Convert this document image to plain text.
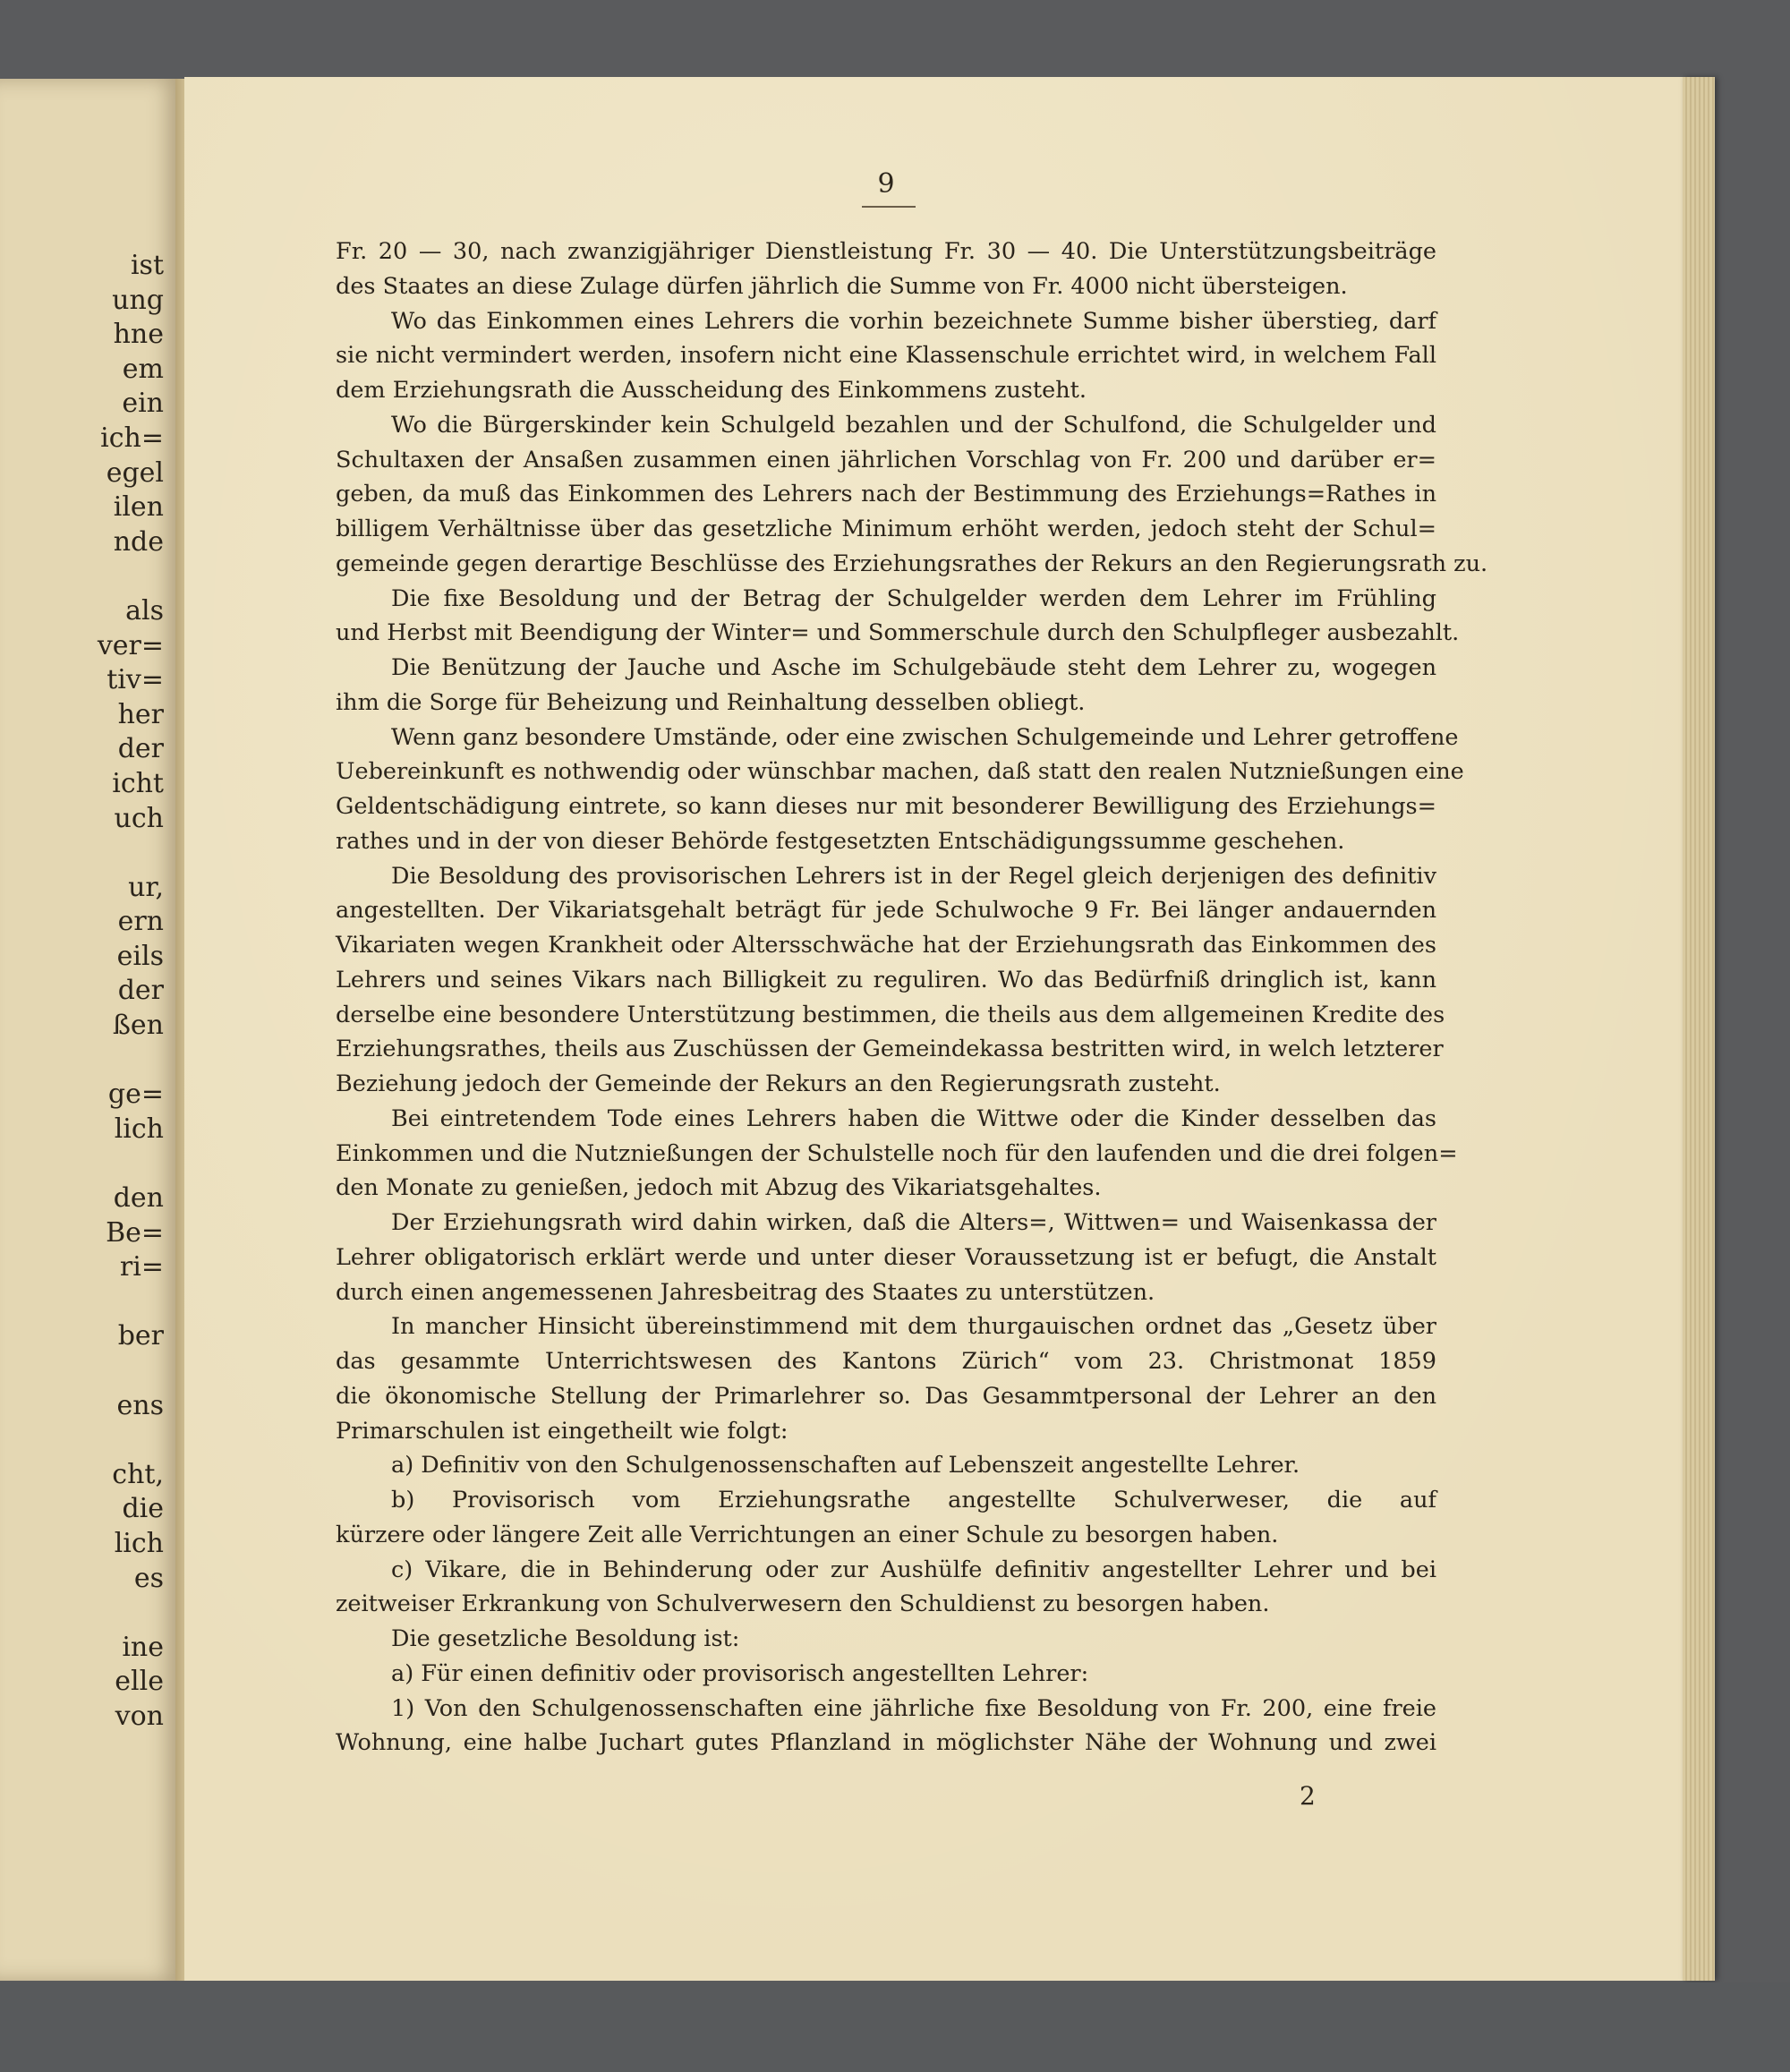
ist
ung
hne
em
ein
ich=
egel
ilen
nde
als
ver=
tiv=
her
der
icht
uch
ur,
ern
eils
der
ßen
ge=
lich
den
Be=
ri=
ber
ens
cht,
die
lich
es
ine
elle
von
9
Fr. 20 — 30, nach zwanzigjähriger Dienstleistung Fr. 30 — 40. Die Unterstützungsbeiträge
des Staates an diese Zulage dürfen jährlich die Summe von Fr. 4000 nicht übersteigen.
Wo das Einkommen eines Lehrers die vorhin bezeichnete Summe bisher überstieg, darf
sie nicht vermindert werden, insofern nicht eine Klassenschule errichtet wird, in welchem Fall
dem Erziehungsrath die Ausscheidung des Einkommens zusteht.
Wo die Bürgerskinder kein Schulgeld bezahlen und der Schulfond, die Schulgelder und
Schultaxen der Ansaßen zusammen einen jährlichen Vorschlag von Fr. 200 und darüber er=
geben, da muß das Einkommen des Lehrers nach der Bestimmung des Erziehungs=Rathes in
billigem Verhältnisse über das gesetzliche Minimum erhöht werden, jedoch steht der Schul=
gemeinde gegen derartige Beschlüsse des Erziehungsrathes der Rekurs an den Regierungsrath zu.
Die fixe Besoldung und der Betrag der Schulgelder werden dem Lehrer im Frühling
und Herbst mit Beendigung der Winter= und Sommerschule durch den Schulpfleger ausbezahlt.
Die Benützung der Jauche und Asche im Schulgebäude steht dem Lehrer zu, wogegen
ihm die Sorge für Beheizung und Reinhaltung desselben obliegt.
Wenn ganz besondere Umstände, oder eine zwischen Schulgemeinde und Lehrer getroffene
Uebereinkunft es nothwendig oder wünschbar machen, daß statt den realen Nutznießungen eine
Geldentschädigung eintrete, so kann dieses nur mit besonderer Bewilligung des Erziehungs=
rathes und in der von dieser Behörde festgesetzten Entschädigungssumme geschehen.
Die Besoldung des provisorischen Lehrers ist in der Regel gleich derjenigen des definitiv
angestellten. Der Vikariatsgehalt beträgt für jede Schulwoche 9 Fr. Bei länger andauernden
Vikariaten wegen Krankheit oder Altersschwäche hat der Erziehungsrath das Einkommen des
Lehrers und seines Vikars nach Billigkeit zu reguliren. Wo das Bedürfniß dringlich ist, kann
derselbe eine besondere Unterstützung bestimmen, die theils aus dem allgemeinen Kredite des
Erziehungsrathes, theils aus Zuschüssen der Gemeindekassa bestritten wird, in welch letzterer
Beziehung jedoch der Gemeinde der Rekurs an den Regierungsrath zusteht.
Bei eintretendem Tode eines Lehrers haben die Wittwe oder die Kinder desselben das
Einkommen und die Nutznießungen der Schulstelle noch für den laufenden und die drei folgen=
den Monate zu genießen, jedoch mit Abzug des Vikariatsgehaltes.
Der Erziehungsrath wird dahin wirken, daß die Alters=, Wittwen= und Waisenkassa der
Lehrer obligatorisch erklärt werde und unter dieser Voraussetzung ist er befugt, die Anstalt
durch einen angemessenen Jahresbeitrag des Staates zu unterstützen.
In mancher Hinsicht übereinstimmend mit dem thurgauischen ordnet das „Gesetz über
das gesammte Unterrichtswesen des Kantons Zürich“ vom 23. Christmonat 1859
die ökonomische Stellung der Primarlehrer so. Das Gesammtpersonal der Lehrer an den
Primarschulen ist eingetheilt wie folgt:
a) Definitiv von den Schulgenossenschaften auf Lebenszeit angestellte Lehrer.
b) Provisorisch vom Erziehungsrathe angestellte Schulverweser, die auf
kürzere oder längere Zeit alle Verrichtungen an einer Schule zu besorgen haben.
c) Vikare, die in Behinderung oder zur Aushülfe definitiv angestellter Lehrer und bei
zeitweiser Erkrankung von Schulverwesern den Schuldienst zu besorgen haben.
Die gesetzliche Besoldung ist:
a) Für einen definitiv oder provisorisch angestellten Lehrer:
1) Von den Schulgenossenschaften eine jährliche fixe Besoldung von Fr. 200, eine freie
Wohnung, eine halbe Juchart gutes Pflanzland in möglichster Nähe der Wohnung und zwei
2
